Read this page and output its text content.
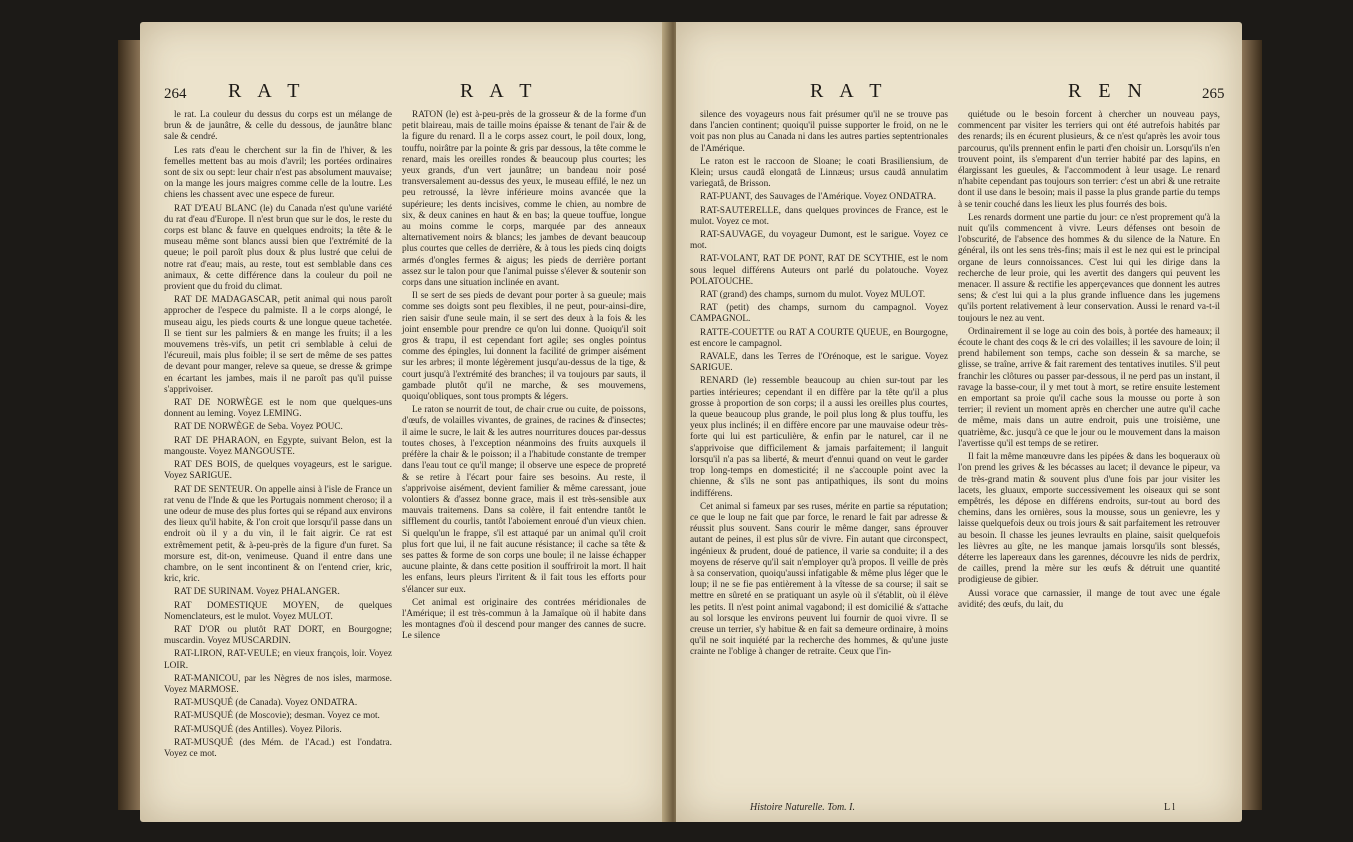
264 R A T	R A T

le rat. La couleur du dessus du corps est un mélange de brun & de jaunâtre, & celle du dessous, de jaunâtre blanc sale & cendré.

Les rats d'eau le cherchent sur la fin de l'hiver, & les femelles mettent bas au mois d'avril; les portées ordinaires sont de six ou sept: leur chair n'est pas absolument mauvaise; on la mange les jours maigres comme celle de la loutre. Les chiens les chassent avec une espece de fureur.

RAT D'EAU BLANC (le) du Canada n'est qu'une variété du rat d'eau d'Europe. Il n'est brun que sur le dos, le reste du corps est blanc & fauve en quelques endroits; la tête & le museau même sont blancs aussi bien que l'extrémité de la queue; le poil paroît plus doux & plus lustré que celui de notre rat d'eau; mais, au reste, tout est semblable dans ces animaux, & cette différence dans la couleur du poil ne provient que du froid du climat.

RAT DE MADAGASCAR, petit animal qui nous paroît approcher de l'espece du palmiste. Il a le corps alongé, le museau aigu, les pieds courts & une longue queue tachetée. Il se tient sur les palmiers & en mange les fruits; il a les mouvemens très-vifs, un petit cri semblable à celui de l'écureuil, mais plus foible; il se sert de même de ses pattes de devant pour manger, releve sa queue, se dresse & grimpe en écartant les jambes, mais il ne paroît pas qu'il puisse s'apprivoiser.

RAT DE NORWÈGE est le nom que quelques-uns donnent au leming. Voyez LEMING.

RAT DE NORWÈGE de Seba. Voyez POUC.

RAT DE PHARAON, en Egypte, suivant Belon, est la mangouste. Voyez MANGOUSTE.

RAT DES BOIS, de quelques voyageurs, est le sarigue. Voyez SARIGUE.

RAT DE SENTEUR. On appelle ainsi à l'isle de France un rat venu de l'Inde & que les Portugais nomment cheroso; il a une odeur de muse des plus fortes qui se répand aux environs des lieux qu'il habite, & l'on croit que lorsqu'il passe dans un endroit où il y a du vin, il le fait aigrir. Ce rat est extrêmement petit, & à-peu-près de la figure d'un furet. Sa morsure est, dit-on, venimeuse. Quand il entre dans une chambre, on le sent incontinent & on l'entend crier, kric, kric, kric.

RAT DE SURINAM. Voyez PHALANGER.

RAT DOMESTIQUE MOYEN, de quelques Nomenclateurs, est le mulot. Voyez MULOT.

RAT D'OR ou plutôt RAT DORT, en Bourgogne; muscardin. Voyez MUSCARDIN.

RAT-LIRON, RAT-VEULE; en vieux françois, loir. Voyez LOIR.

RAT-MANICOU, par les Nègres de nos isles, marmose. Voyez MARMOSE.

RAT-MUSQUÉ (de Canada). Voyez ONDATRA.

RAT-MUSQUÉ (de Moscovie); desman. Voyez ce mot.

RAT-MUSQUÉ (des Antilles). Voyez Piloris.

RAT-MUSQUÉ (des Mém. de l'Acad.) est l'ondatra. Voyez ce mot.

RATON (le) est à-peu-près de la grosseur & de la forme d'un petit blaireau, mais de taille moins épaisse & tenant de l'air & de la figure du renard. Il a le corps assez court, le poil doux, long, touffu, noirâtre par la pointe & gris par dessous, la tête comme le renard, mais les oreilles rondes & beaucoup plus courtes; les yeux grands, d'un vert jaunâtre; un bandeau noir posé transversalement au-dessus des yeux, le museau effilé, le nez un peu retroussé, la lèvre inférieure moins avancée que la supérieure; les dents incisives, comme le chien, au nombre de six, & deux canines en haut & en bas; la queue touffue, longue au moins comme le corps, marquée par des anneaux alternativement noirs & blancs; les jambes de devant beaucoup plus courtes que celles de derrière, & à tous les pieds cinq doigts armés d'ongles fermes & aigus; les pieds de derrière portant assez sur le talon pour que l'animal puisse s'élever & soutenir son corps dans une situation inclinée en avant.

Il se sert de ses pieds de devant pour porter à sa gueule; mais comme ses doigts sont peu flexibles, il ne peut, pour-ainsi-dire, rien saisir d'une seule main, il se sert des deux à la fois & les joint ensemble pour prendre ce qu'on lui donne. Quoiqu'il soit gros & trapu, il est cependant fort agile; ses ongles pointus comme des épingles, lui donnent la facilité de grimper aisément sur les arbres; il monte légèrement jusqu'au-dessus de la tige, & court jusqu'à l'extrémité des branches; il va toujours par sauts, il gambade plutôt qu'il ne marche, & ses mouvemens, quoiqu'obliques, sont tous prompts & légers.

Le raton se nourrit de tout, de chair crue ou cuite, de poissons, d'œufs, de volailles vivantes, de graines, de racines & d'insectes; il aime le sucre, le lait & les autres nourritures douces par-dessus toutes choses, à l'exception néanmoins des fruits auxquels il préfère la chair & le poisson; il a l'habitude constante de tremper dans l'eau tout ce qu'il mange; il observe une espece de propreté & se retire à l'écart pour faire ses besoins. Au reste, il s'apprivoise aisément, devient familier & même caressant, joue volontiers & d'assez bonne grace, mais il est très-sensible aux mauvais traitemens. Dans sa colère, il fait entendre tantôt le sifflement du courlis, tantôt l'aboiement enroué d'un vieux chien. Si quelqu'un le frappe, s'il est attaqué par un animal qu'il croit plus fort que lui, il ne fait aucune résistance; il cache sa tête & ses pattes & forme de son corps une boule; il ne laisse échapper aucune plainte, & dans cette position il souffriroit la mort. Il hait les enfans, leurs pleurs l'irritent & il fait tous les efforts pour s'élancer sur eux.

Cet animal est originaire des contrées méridionales de l'Amérique; il est très-commun à la Jamaïque où il habite dans les montagnes d'où il descend pour manger des cannes de sucre. Le silence

R A T	R E N	265

silence des voyageurs nous fait présumer qu'il ne se trouve pas dans l'ancien continent; quoiqu'il puisse supporter le froid, on ne le voit pas non plus au Canada ni dans les autres parties septentrionales de l'Amérique.

Le raton est le raccoon de Sloane; le coati Brasiliensium, de Klein; ursus caudâ elongatâ de Linnæus; ursus caudâ annulatim variegatâ, de Brisson.

RAT-PUANT, des Sauvages de l'Amérique. Voyez ONDATRA.

RAT-SAUTERELLE, dans quelques provinces de France, est le mulot. Voyez ce mot.

RAT-SAUVAGE, du voyageur Dumont, est le sarigue. Voyez ce mot.

RAT-VOLANT, RAT DE PONT, RAT DE SCYTHIE, est le nom sous lequel différens Auteurs ont parlé du polatouche. Voyez POLATOUCHE.

RAT (grand) des champs, surnom du mulot. Voyez MULOT.

RAT (petit) des champs, surnom du campagnol. Voyez CAMPAGNOL.

RATTE-COUETTE ou RAT A COURTE QUEUE, en Bourgogne, est encore le campagnol.

RAVALE, dans les Terres de l'Orénoque, est le sarigue. Voyez SARIGUE.

RENARD (le) ressemble beaucoup au chien sur-tout par les parties intérieures; cependant il en diffère par la tête qu'il a plus grosse à proportion de son corps; il a aussi les oreilles plus courtes, la queue beaucoup plus grande, le poil plus long & plus touffu, les yeux plus inclinés; il en diffère encore par une mauvaise odeur très-forte qui lui est particulière, & enfin par le naturel, car il ne s'apprivoise que difficilement & jamais parfaitement; il languit lorsqu'il n'a pas sa liberté, & meurt d'ennui quand on veut le garder trop long-temps en domesticité; il ne s'accouple point avec la chienne, & s'ils ne sont pas antipathiques, ils sont du moins indifférens.

Cet animal si fameux par ses ruses, mérite en partie sa réputation; ce que le loup ne fait que par force, le renard le fait par adresse & réussit plus souvent. Sans courir le même danger, sans éprouver autant de peines, il est plus sûr de vivre. Fin autant que circonspect, ingénieux & prudent, doué de patience, il varie sa conduite; il a des moyens de réserve qu'il sait n'employer qu'à propos. Il veille de près à sa conservation, quoiqu'aussi infatigable & même plus léger que le loup; il ne se fie pas entièrement à la vîtesse de sa course; il sait se mettre en sûreté en se pratiquant un asyle où il s'établit, où il élève les petits. Il n'est point animal vagabond; il est domicilié & s'attache au sol lorsque les environs peuvent lui fournir de quoi vivre. Il se creuse un terrier, s'y habitue & en fait sa demeure ordinaire, à moins qu'il ne soit inquiété par la recherche des hommes, & qu'une juste crainte ne l'oblige à changer de retraite. Ceux que l'in-

quiétude ou le besoin forcent à chercher un nouveau pays, commencent par visiter les terriers qui ont été autrefois habités par des renards; ils en écurent plusieurs, & ce n'est qu'après les avoir tous parcourus, qu'ils prennent enfin le parti d'en choisir un. Lorsqu'ils n'en trouvent point, ils s'emparent d'un terrier habité par des lapins, en élargissant les gueules, & l'accommodent à leur usage. Le renard n'habite cependant pas toujours son terrier: c'est un abri & une retraite dont il use dans le besoin; mais il passe la plus grande partie du temps à se tenir couché dans les lieux les plus fourrés des bois.

Les renards dorment une partie du jour: ce n'est proprement qu'à la nuit qu'ils commencent à vivre. Leurs défenses ont besoin de l'obscurité, de l'absence des hommes & du silence de la Nature. En général, ils ont les sens très-fins; mais il est le nez qui est le principal organe de leurs connoissances. C'est lui qui les dirige dans la recherche de leur proie, qui les avertit des dangers qui peuvent les menacer. Il assure & rectifie les apperçevances que donnent les autres sens; & c'est lui qui a la plus grande influence dans les jugemens qu'ils portent relativement à leur conservation. Aussi le renard va-t-il toujours le nez au vent.

Ordinairement il se loge au coin des bois, à portée des hameaux; il écoute le chant des coqs & le cri des volailles; il les savoure de loin; il prend habilement son temps, cache son dessein & sa marche, se glisse, se traîne, arrive & fait rarement des tentatives inutiles. S'il peut franchir les clôtures ou passer par-dessous, il ne perd pas un instant, il ravage la basse-cour, il y met tout à mort, se retire ensuite lestement en emportant sa proie qu'il cache sous la mousse ou porte à son terrier; il revient un moment après en chercher une autre qu'il cache de même, mais dans un autre endroit, puis une troisième, une quatrième, &c. jusqu'à ce que le jour ou le mouvement dans la maison l'avertisse qu'il est temps de se retirer.

Il fait la même manœuvre dans les pipées & dans les boqueraux où l'on prend les grives & les bécasses au lacet; il devance le pipeur, va de très-grand matin & souvent plus d'une fois par jour visiter les lacets, les gluaux, emporte successivement les oiseaux qui se sont empêtrés, les dépose en différens endroits, sur-tout au bord des chemins, dans les ornières, sous la mousse, sous un genievre, les y laisse quelquefois deux ou trois jours & sait parfaitement les retrouver au besoin. Il chasse les jeunes levraults en plaine, saisit quelquefois les lièvres au gîte, ne les manque jamais lorsqu'ils sont blessés, déterre les lapereaux dans les garennes, découvre les nids de perdrix, de cailles, prend la mère sur les œufs & détruit une quantité prodigieuse de gibier.

Aussi vorace que carnassier, il mange de tout avec une égale avidité; des œufs, du lait, du

Histoire Naturelle. Tom. I.	L l
